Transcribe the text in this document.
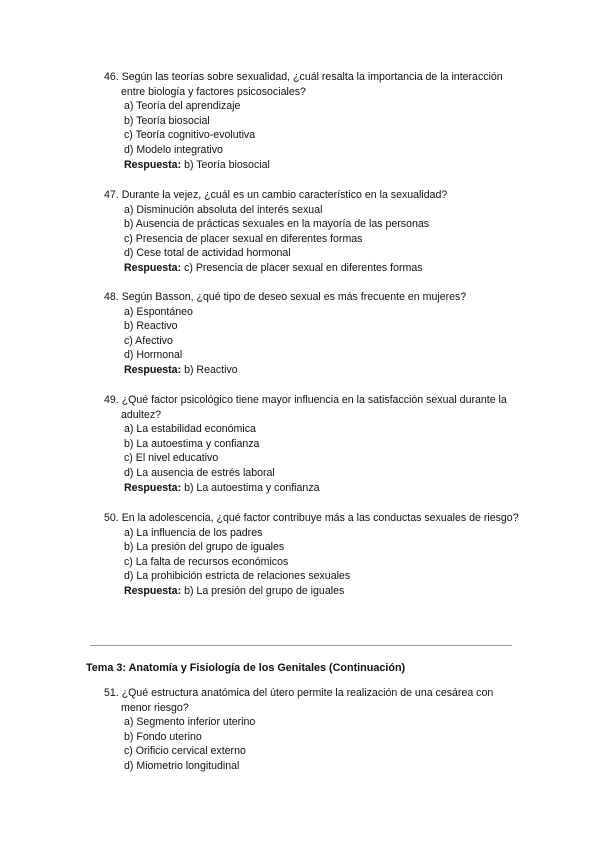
46. Según las teorías sobre sexualidad, ¿cuál resalta la importancia de la interacción entre biología y factores psicosociales?
a) Teoría del aprendizaje
b) Teoría biosocial
c) Teoría cognitivo-evolutiva
d) Modelo integrativo
Respuesta: b) Teoría biosocial
47. Durante la vejez, ¿cuál es un cambio característico en la sexualidad?
a) Disminución absoluta del interés sexual
b) Ausencia de prácticas sexuales en la mayoría de las personas
c) Presencia de placer sexual en diferentes formas
d) Cese total de actividad hormonal
Respuesta: c) Presencia de placer sexual en diferentes formas
48. Según Basson, ¿qué tipo de deseo sexual es más frecuente en mujeres?
a) Espontáneo
b) Reactivo
c) Afectivo
d) Hormonal
Respuesta: b) Reactivo
49. ¿Qué factor psicológico tiene mayor influencia en la satisfacción sexual durante la adultez?
a) La estabilidad económica
b) La autoestima y confianza
c) El nivel educativo
d) La ausencia de estrés laboral
Respuesta: b) La autoestima y confianza
50. En la adolescencia, ¿qué factor contribuye más a las conductas sexuales de riesgo?
a) La influencia de los padres
b) La presión del grupo de iguales
c) La falta de recursos económicos
d) La prohibición estricta de relaciones sexuales
Respuesta: b) La presión del grupo de iguales
Tema 3: Anatomía y Fisiología de los Genitales (Continuación)
51. ¿Qué estructura anatómica del útero permite la realización de una cesárea con menor riesgo?
a) Segmento inferior uterino
b) Fondo uterino
c) Orificio cervical externo
d) Miometrio longitudinal
